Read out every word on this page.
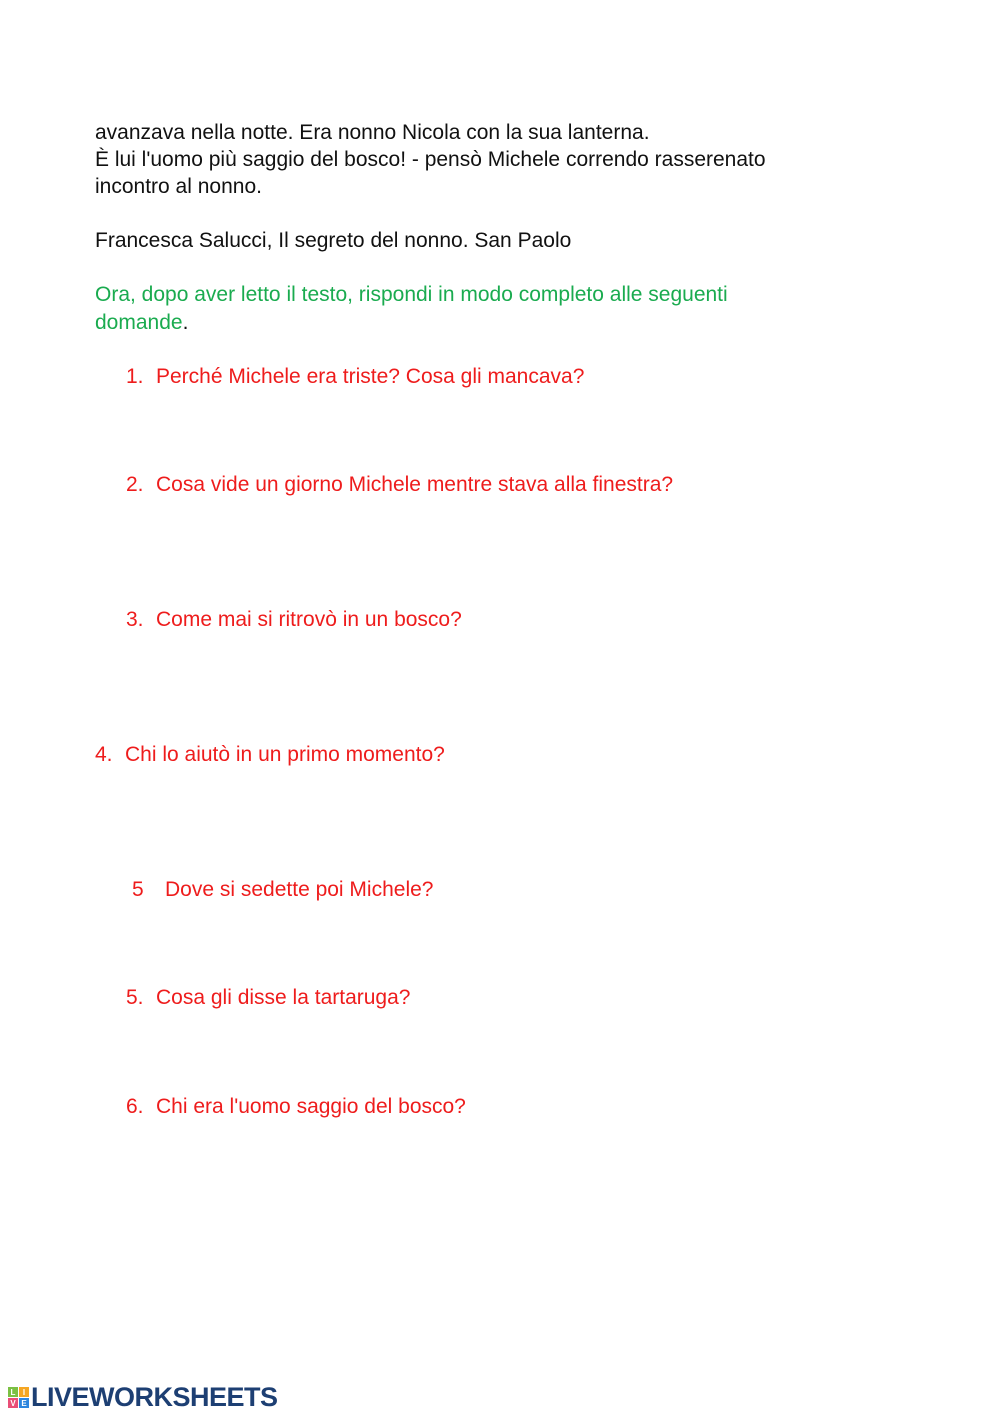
avanzava nella notte. Era nonno Nicola con la sua lanterna.
È lui l'uomo più saggio del bosco! - pensò Michele correndo rasserenato
incontro al nonno.
Francesca Salucci, Il segreto del nonno. San Paolo
Ora, dopo aver letto il testo, rispondi in modo completo alle seguenti
domande.
1. Perché Michele era triste? Cosa gli mancava?
2. Cosa vide un giorno Michele mentre stava alla finestra?
3. Come mai si ritrovò in un bosco?
4. Chi lo aiutò in un primo momento?
5 Dove si sedette poi Michele?
5. Cosa gli disse la tartaruga?
6. Chi era l'uomo saggio del bosco?
L I
V E LIVEWORKSHEETS
